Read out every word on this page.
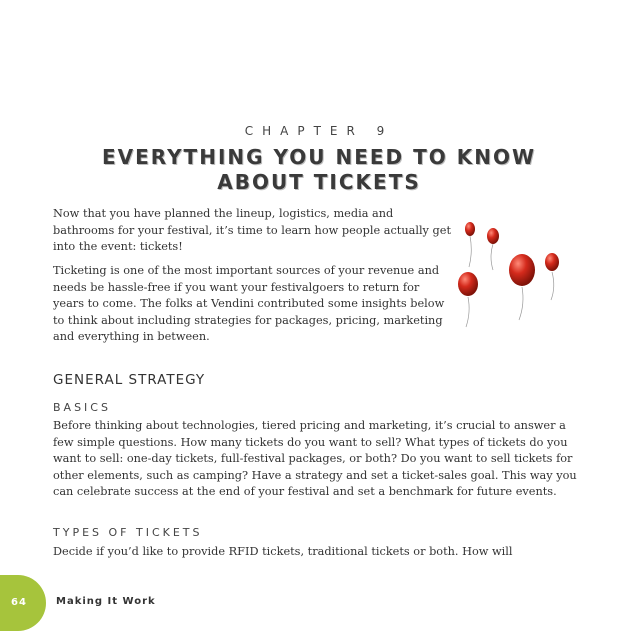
CHAPTER 9
EVERYTHING YOU NEED TO KNOW
ABOUT TICKETS

Now that you have planned the lineup, logistics, media and bathrooms for your festival, it’s time to learn how people actually get into the event: tickets!

Ticketing is one of the most important sources of your revenue and needs be hassle-free if you want your festivalgoers to return for years to come. The folks at Vendini contributed some insights below to think about including strategies for packages, pricing, marketing and everything in between.

GENERAL STRATEGY
BASICS

Before thinking about technologies, tiered pricing and marketing, it’s crucial to answer a few simple questions. How many tickets do you want to sell? What types of tickets do you want to sell: one-day tickets, full-festival packages, or both? Do you want to sell tickets for other elements, such as camping? Have a strategy and set a ticket-sales goal. This way you can celebrate success at the end of your festival and set a benchmark for future events.

TYPES OF TICKETS

Decide if you’d like to provide RFID tickets, traditional tickets or both. How will

64	Making It Work
